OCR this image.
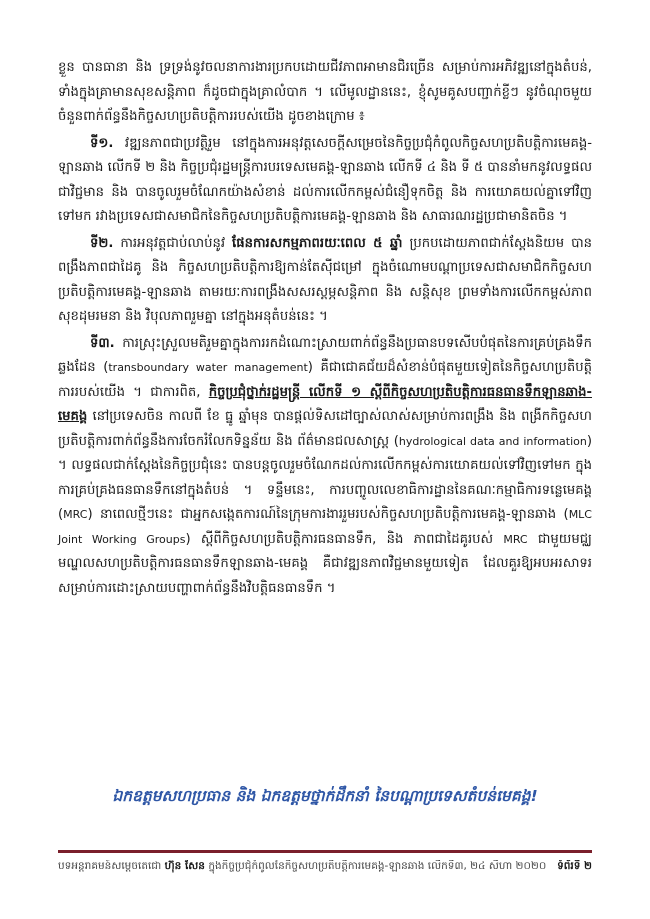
ខ្លួន បានធានា និង ទ្រទ្រង់នូវចលនាការងារប្រកបដោយជីវភាពអាមានជិរច្រើន សម្រាប់ការអភិវឌ្ឍនៅក្នុងតំបន់, ទាំងក្នុងគ្រាមានសុខសន្តិភាព ក៏ដូចជាក្នុងគ្រាលំបាក ។ លើមូលដ្ឋាននេះ, ខ្ញុំសូមគូសបញ្ជាក់ខ្លីៗ នូវចំណុចមួយចំនួនពាក់ព័ន្ធនឹងកិច្ចសហប្រតិបត្តិការរបស់យើង ដូចខាងក្រោម ៖

ទី១. វឌ្ឍនភាពជាប្រវត្តិរួម នៅក្នុងការអនុវត្តសេចក្តីសម្រេចនៃកិច្ចប្រជុំកំពូលកិច្ចសហប្រតិបត្តិការមេគង្គ-ឡានឆាង លើកទី ២ និង កិច្ចប្រជុំរដ្ឋមន្ត្រីការបរទេសមេគង្គ-ឡានឆាង លើកទី ៤ និង ទី ៥ បាននាំមកនូវលទ្ធផលជាវិជ្ជមាន និង បានចូលរួមចំណែកយ៉ាងសំខាន់ ដល់ការលើកកម្ពស់ជំនឿទុកចិត្ត និង ការយោគយល់គ្នាទៅវិញទៅមក រវាងប្រទេសជាសមាជិកនៃកិច្ចសហប្រតិបត្តិការមេគង្គ-ឡានឆាង និង សាធារណរដ្ឋប្រជាមានិតចិន ។

ទី២. ការអនុវត្តជាប់លាប់នូវ ផែនការសកម្មភាពរយៈពេល ៥ ឆ្នាំ ប្រកបដោយភាពជាក់ស្តែងនិយម បានពង្រឹងភាពជាដៃគូ និង កិច្ចសហប្រតិបត្តិការឱ្យកាន់តែស៊ីជម្រៅ ក្នុងចំណោមបណ្តាប្រទេសជាសមាជិកកិច្ចសហប្រតិបត្តិការមេគង្គ-ឡានឆាង តាមរយៈការពង្រឹងសសរស្តម្ភសន្តិភាព និង សន្តិសុខ ព្រមទាំងការលើកកម្ពស់ភាពសុខដុមរមនា និង វិបុលភាពរួមគ្នា នៅក្នុងអនុតំបន់នេះ ។

ទី៣. ការស្រុះស្រួលមតិរួមគ្នាក្នុងការរកដំណោះស្រាយពាក់ព័ន្ធនឹងប្រធានបទសើបបំផុតនៃការគ្រប់គ្រងទឹកឆ្លងដែន (transboundary water management) គឺជាជោគជ័យដ៏សំខាន់បំផុតមួយទៀតនៃកិច្ចសហប្រតិបត្តិការរបស់យើង ។ ជាការពិត, កិច្ចប្រជុំថ្នាក់រដ្ឋមន្ត្រី លើកទី ១ ស្តីពីកិច្ចសហប្រតិបត្តិការធនធានទឹកឡានឆាង-មេគង្គ នៅប្រទេសចិន កាលពី ខែ ធ្នូ ឆ្នាំមុន បានផ្តល់ទិសដៅច្បាស់លាស់សម្រាប់ការពង្រឹង និង ពង្រីកកិច្ចសហប្រតិបត្តិការពាក់ព័ន្ធនឹងការចែករំលែកទិន្នន័យ និង ព័ត៌មានជលសាស្ត្រ (hydrological data and information) ។ លទ្ធផលជាក់ស្តែងនៃកិច្ចប្រជុំនេះ បានបន្តចូលរួមចំណែកដល់ការលើកកម្ពស់ការយោគយល់ទៅវិញទៅមក ក្នុងការគ្រប់គ្រងធនធានទឹកនៅក្នុងតំបន់ ។ ទន្ទឹមនេះ, ការបញ្ចូលលេខាធិការដ្ឋាននៃគណៈកម្មាធិការទន្លេមេគង្គ (MRC) នាពេលថ្មីៗនេះ ជាអ្នកសង្កេតការណ៍នៃក្រុមការងាររួមរបស់កិច្ចសហប្រតិបត្តិការមេគង្គ-ឡានឆាង (MLC Joint Working Groups) ស្តីពីកិច្ចសហប្រតិបត្តិការធនធានទឹក, និង ភាពជាដៃគូរបស់ MRC ជាមួយមជ្ឈមណ្ឌលសហប្រតិបត្តិការធនធានទឹកឡានឆាង-មេគង្គ គឺជាវឌ្ឍនភាពវិជ្ជមានមួយទៀត ដែលគួរឱ្យអបអរសាទរ សម្រាប់ការដោះស្រាយបញ្ហាពាក់ព័ន្ធនឹងវិបត្តិធនធានទឹក ។

ឯកឧត្តមសហប្រធាន និង ឯកឧត្តមថ្នាក់ដឹកនាំ នៃបណ្តាប្រទេសតំបន់មេគង្គ!
បទអន្តរាគមន៍សម្តេចតេជោ ហ៊ុន សែន ក្នុងកិច្ចប្រជុំកំពូលនៃកិច្ចសហប្រតិបត្តិការមេគង្គ-ឡានឆាង លើកទី៣, ២៤ សីហា ២០២០ ទំព័រទី ២
